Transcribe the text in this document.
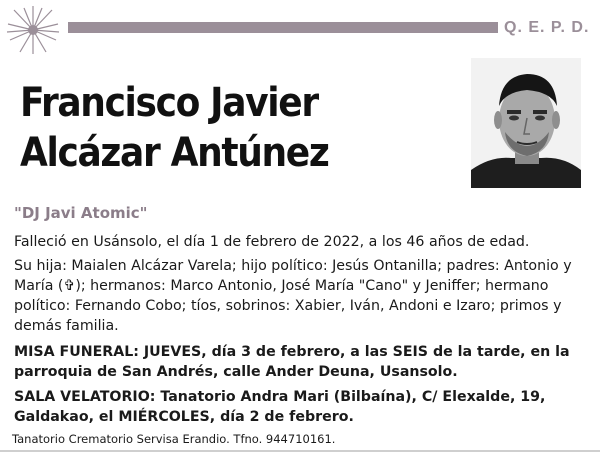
Q. E. P. D.
Francisco Javier
Alcázar Antúnez
"DJ Javi Atomic"
Falleció en Usánsolo, el día 1 de febrero de 2022, a los 46 años de edad.
Su hija: Maialen Alcázar Varela; hijo político: Jesús Ontanilla; padres: Antonio y María (✞); hermanos: Marco Antonio, José María "Cano" y Jeniffer; hermano político: Fernando Cobo; tíos, sobrinos: Xabier, Iván, Andoni e Izaro; primos y demás familia.
MISA FUNERAL: JUEVES, día 3 de febrero, a las SEIS de la tarde, en la parroquia de San Andrés, calle Ander Deuna, Usansolo.
SALA VELATORIO: Tanatorio Andra Mari (Bilbaína), C/ Elexalde, 19, Galdakao, el MIÉRCOLES, día 2 de febrero.
Tanatorio Crematorio Servisa Erandio. Tfno. 944710161.
